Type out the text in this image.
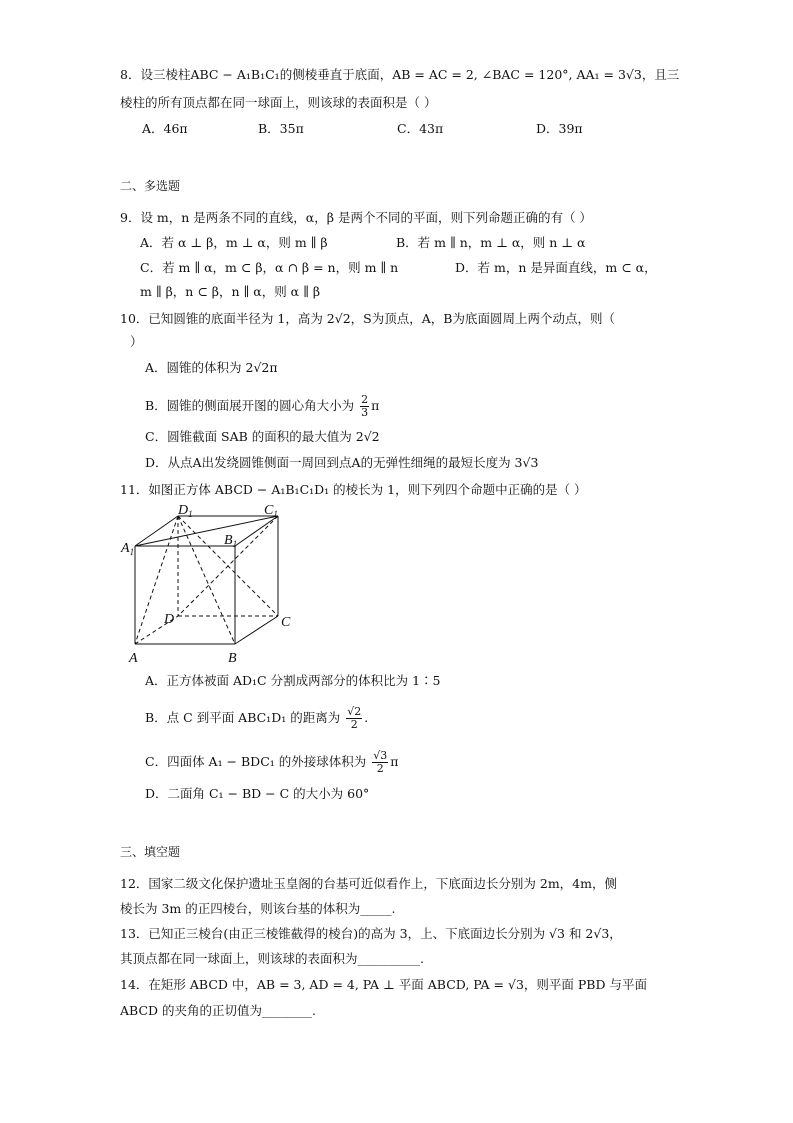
8．设三棱柱ABC − A₁B₁C₁的侧棱垂直于底面，AB = AC = 2, ∠BAC = 120°, AA₁ = 3√3，且三
棱柱的所有顶点都在同一球面上，则该球的表面积是（ ）
A．46π	B．35π	C．43π	D．39π
二、多选题
9．设 m，n 是两条不同的直线，α，β 是两个不同的平面，则下列命题正确的有（ ）
A．若 α ⊥ β，m ⊥ α，则 m ∥ β	B．若 m ∥ n，m ⊥ α，则 n ⊥ α
C．若 m ∥ α，m ⊂ β，α ∩ β = n，则 m ∥ n	D．若 m，n 是异面直线，m ⊂ α，
m ∥ β，n ⊂ β，n ∥ α，则 α ∥ β
10．已知圆锥的底面半径为 1，高为 2√2，S为顶点，A，B为底面圆周上两个动点，则（
）
A．圆锥的体积为 2√2π
B．圆锥的侧面展开图的圆心角大小为 $\frac{2}{3}$ π
C．圆锥截面 SAB 的面积的最大值为 2√2
D．从点A出发绕圆锥侧面一周回到点A的无弹性细绳的最短长度为 3√3
11．如图正方体 ABCD − A₁B₁C₁D₁ 的棱长为 1，则下列四个命题中正确的是（ ）
$D_1$	$C_1$
$A_1$
$B_1$
D	C
A	B
A．正方体被面 AD₁C 分割成两部分的体积比为 1∶5
B．点 C 到平面 ABC₁D₁ 的距离为 $\frac{√2}{2}$ .
C．四面体 A₁ − BDC₁ 的外接球体积为 $\frac{√3}{2}$ π
D．二面角 C₁ − BD − C 的大小为 60°
三、填空题
12．国家二级文化保护遗址玉皇阁的台基可近似看作上，下底面边长分别为 2m，4m，侧
棱长为 3m 的正四棱台，则该台基的体积为_____.
13．已知正三棱台(由正三棱锥截得的棱台)的高为 3，上、下底面边长分别为 √3 和 2√3，
其顶点都在同一球面上，则该球的表面积为__________.
14．在矩形 ABCD 中，AB = 3, AD = 4, PA ⊥ 平面 ABCD, PA = √3，则平面 PBD 与平面
ABCD 的夹角的正切值为________.
